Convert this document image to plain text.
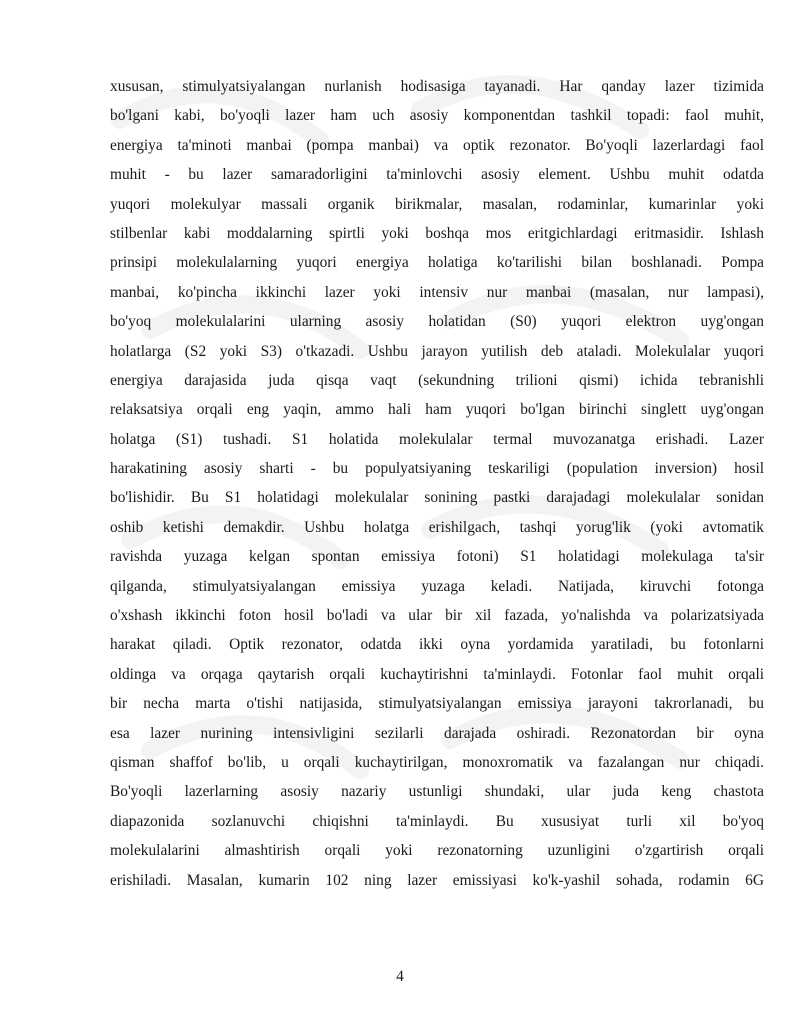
xususan, stimulyatsiyalangan nurlanish hodisasiga tayanadi. Har qanday lazer tizimida
bo'lgani kabi, bo'yoqli lazer ham uch asosiy komponentdan tashkil topadi: faol muhit,
energiya ta'minoti manbai (pompa manbai) va optik rezonator. Bo'yoqli lazerlardagi faol
muhit - bu lazer samaradorligini ta'minlovchi asosiy element. Ushbu muhit odatda
yuqori molekulyar massali organik birikmalar, masalan, rodaminlar, kumarinlar yoki
stilbenlar kabi moddalarning spirtli yoki boshqa mos eritgichlardagi eritmasidir. Ishlash
prinsipi molekulalarning yuqori energiya holatiga ko'tarilishi bilan boshlanadi. Pompa
manbai, ko'pincha ikkinchi lazer yoki intensiv nur manbai (masalan, nur lampasi),
bo'yoq molekulalarini ularning asosiy holatidan (S0) yuqori elektron uyg'ongan
holatlarga (S2 yoki S3) o'tkazadi. Ushbu jarayon yutilish deb ataladi. Molekulalar yuqori
energiya darajasida juda qisqa vaqt (sekundning trilioni qismi) ichida tebranishli
relaksatsiya orqali eng yaqin, ammo hali ham yuqori bo'lgan birinchi singlett uyg'ongan
holatga (S1) tushadi. S1 holatida molekulalar termal muvozanatga erishadi. Lazer
harakatining asosiy sharti - bu populyatsiyaning teskariligi (population inversion) hosil
bo'lishidir. Bu S1 holatidagi molekulalar sonining pastki darajadagi molekulalar sonidan
oshib ketishi demakdir. Ushbu holatga erishilgach, tashqi yorug'lik (yoki avtomatik
ravishda yuzaga kelgan spontan emissiya fotoni) S1 holatidagi molekulaga ta'sir
qilganda, stimulyatsiyalangan emissiya yuzaga keladi. Natijada, kiruvchi fotonga
o'xshash ikkinchi foton hosil bo'ladi va ular bir xil fazada, yo'nalishda va polarizatsiyada
harakat qiladi. Optik rezonator, odatda ikki oyna yordamida yaratiladi, bu fotonlarni
oldinga va orqaga qaytarish orqali kuchaytirishni ta'minlaydi. Fotonlar faol muhit orqali
bir necha marta o'tishi natijasida, stimulyatsiyalangan emissiya jarayoni takrorlanadi, bu
esa lazer nurining intensivligini sezilarli darajada oshiradi. Rezonatordan bir oyna
qisman shaffof bo'lib, u orqali kuchaytirilgan, monoxromatik va fazalangan nur chiqadi.
Bo'yoqli lazerlarning asosiy nazariy ustunligi shundaki, ular juda keng chastota
diapazonida sozlanuvchi chiqishni ta'minlaydi. Bu xususiyat turli xil bo'yoq
molekulalarini almashtirish orqali yoki rezonatorning uzunligini o'zgartirish orqali
erishiladi. Masalan, kumarin 102 ning lazer emissiyasi ko'k-yashil sohada, rodamin 6G
4
